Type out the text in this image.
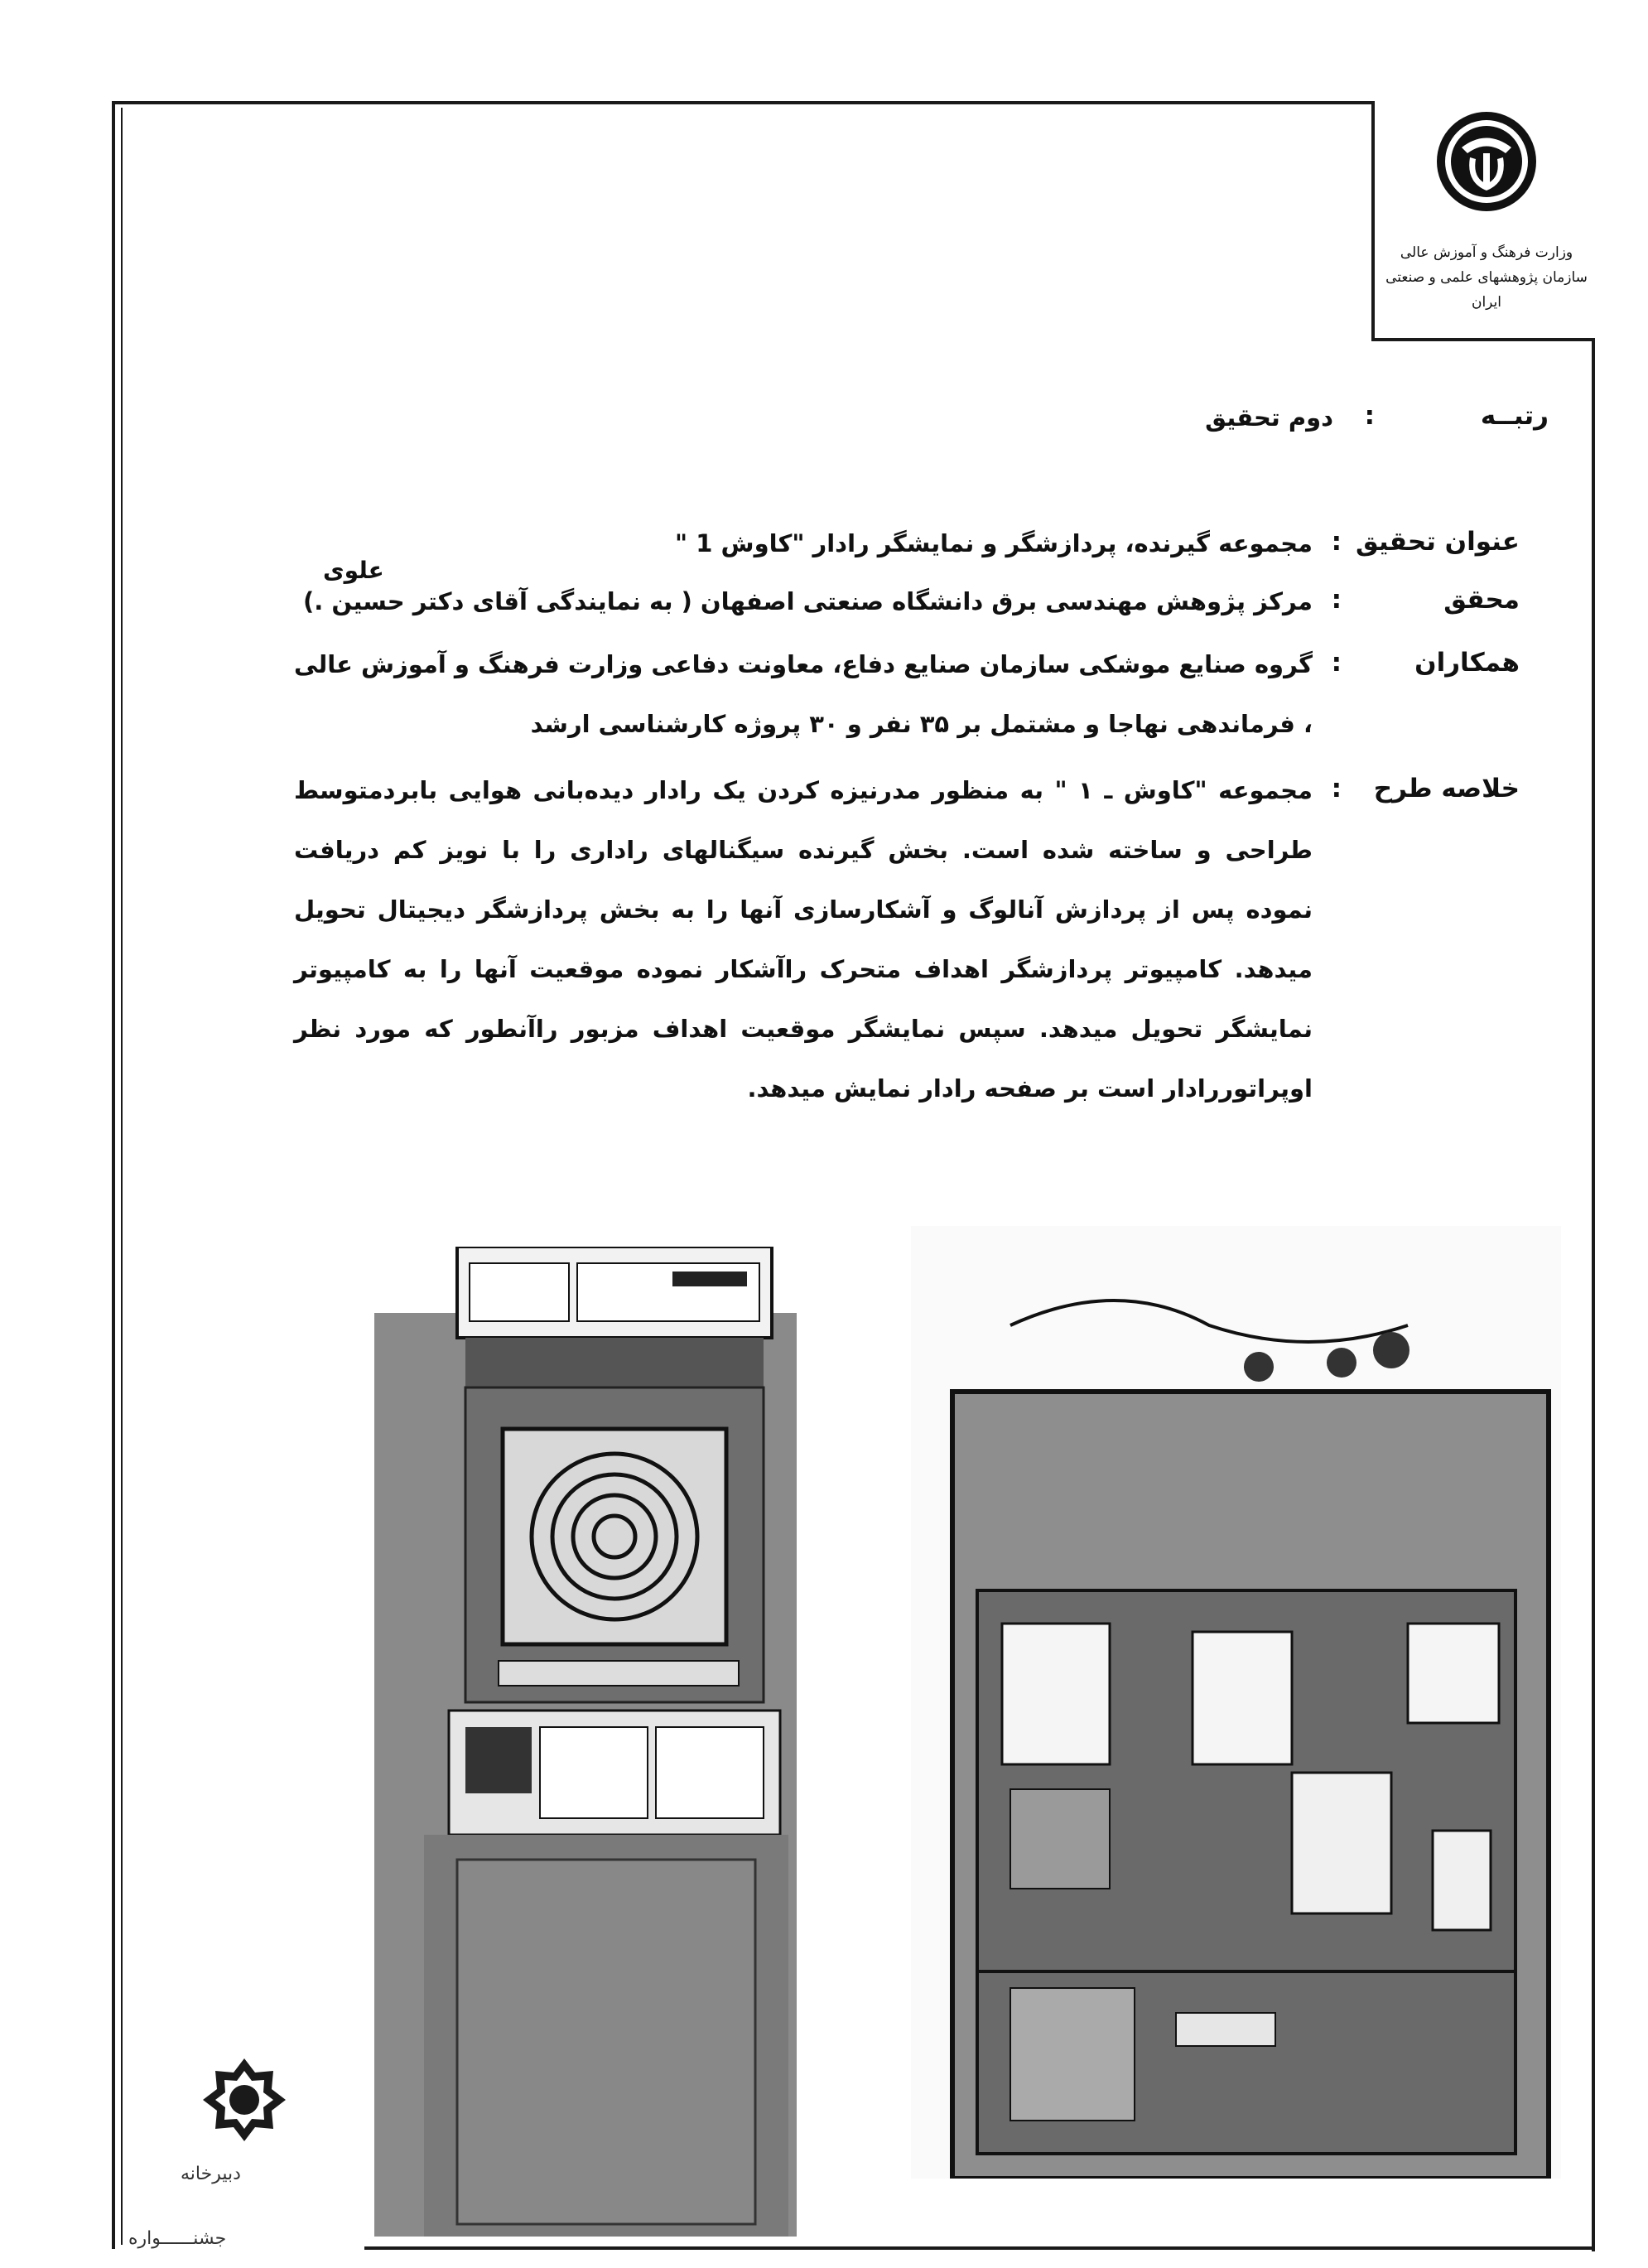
وزارت فرهنگ و آموزش عالی
سازمان پژوهشهای علمی و صنعتی ایران
رتبــه
:
دوم تحقیق
عنوان تحقیق
:
مجموعه گیرنده، پردازشگر و نمایشگر رادار "کاوش 1 "
علوی
محقق
:
مرکز پژوهش مهندسی برق دانشگاه صنعتی اصفهان ( به نمایندگی آقای دکتر حسین .)
همکاران
:
گروه صنایع موشکی سازمان صنایع دفاع، معاونت دفاعی وزارت فرهنگ و آموزش عالی ، فرماندهی نهاجا و مشتمل بر ۳۵ نفر و ۳۰ پروژه کارشناسی ارشد
خلاصه طرح
:
مجموعه "کاوش ـ ۱ " به منظور مدرنیزه کردن یک رادار دیده‌بانی هوایی بابردمتوسط طراحی و ساخته شده است. بخش گیرنده سیگنالهای راداری را با نویز کم دریافت نموده پس از پردازش آنالوگ و آشکارسازی آنها را به بخش پردازشگر دیجیتال تحویل میدهد. کامپیوتر پردازشگر اهداف متحرک راآشکار نموده موقعیت آنها را به کامپیوتر نمایشگر تحویل میدهد. سپس نمایشگر موقعیت اهداف مزبور راآنطور که مورد نظر اوپراتوررادار است بر صفحه رادار نمایش میدهد.
دبیرخانه
جشنــــــواره
